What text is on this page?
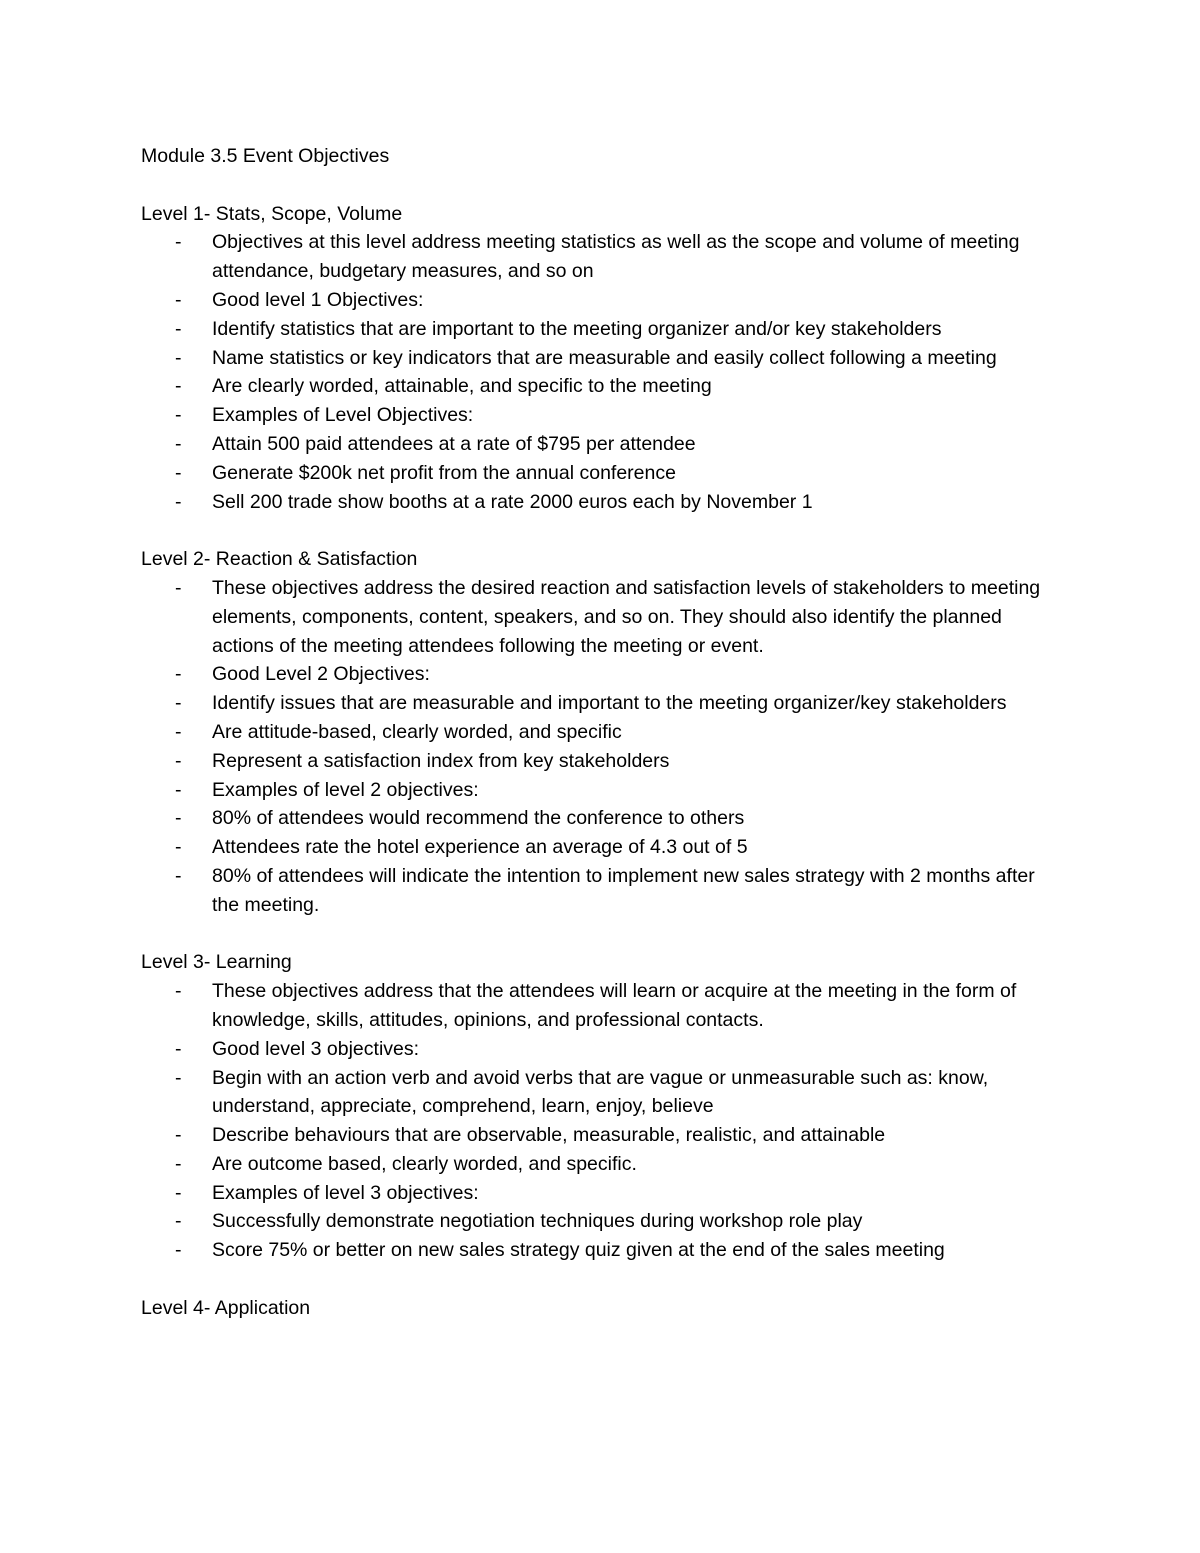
Module 3.5 Event Objectives

Level 1- Stats, Scope, Volume

- Objectives at this level address meeting statistics as well as the scope and volume of meeting attendance, budgetary measures, and so on
- Good level 1 Objectives:
- Identify statistics that are important to the meeting organizer and/or key stakeholders
- Name statistics or key indicators that are measurable and easily collect following a meeting
- Are clearly worded, attainable, and specific to the meeting
- Examples of Level Objectives:
- Attain 500 paid attendees at a rate of $795 per attendee
- Generate $200k net profit from the annual conference
- Sell 200 trade show booths at a rate 2000 euros each by November 1

Level 2- Reaction & Satisfaction

- These objectives address the desired reaction and satisfaction levels of stakeholders to meeting elements, components, content, speakers, and so on. They should also identify the planned actions of the meeting attendees following the meeting or event.
- Good Level 2 Objectives:
- Identify issues that are measurable and important to the meeting organizer/key stakeholders
- Are attitude-based, clearly worded, and specific
- Represent a satisfaction index from key stakeholders
- Examples of level 2 objectives:
- 80% of attendees would recommend the conference to others
- Attendees rate the hotel experience an average of 4.3 out of 5
- 80% of attendees will indicate the intention to implement new sales strategy with 2 months after the meeting.

Level 3- Learning

- These objectives address that the attendees will learn or acquire at the meeting in the form of knowledge, skills, attitudes, opinions, and professional contacts.
- Good level 3 objectives:
- Begin with an action verb and avoid verbs that are vague or unmeasurable such as: know, understand, appreciate, comprehend, learn, enjoy, believe
- Describe behaviours that are observable, measurable, realistic, and attainable
- Are outcome based, clearly worded, and specific.
- Examples of level 3 objectives:
- Successfully demonstrate negotiation techniques during workshop role play
- Score 75% or better on new sales strategy quiz given at the end of the sales meeting

Level 4- Application
